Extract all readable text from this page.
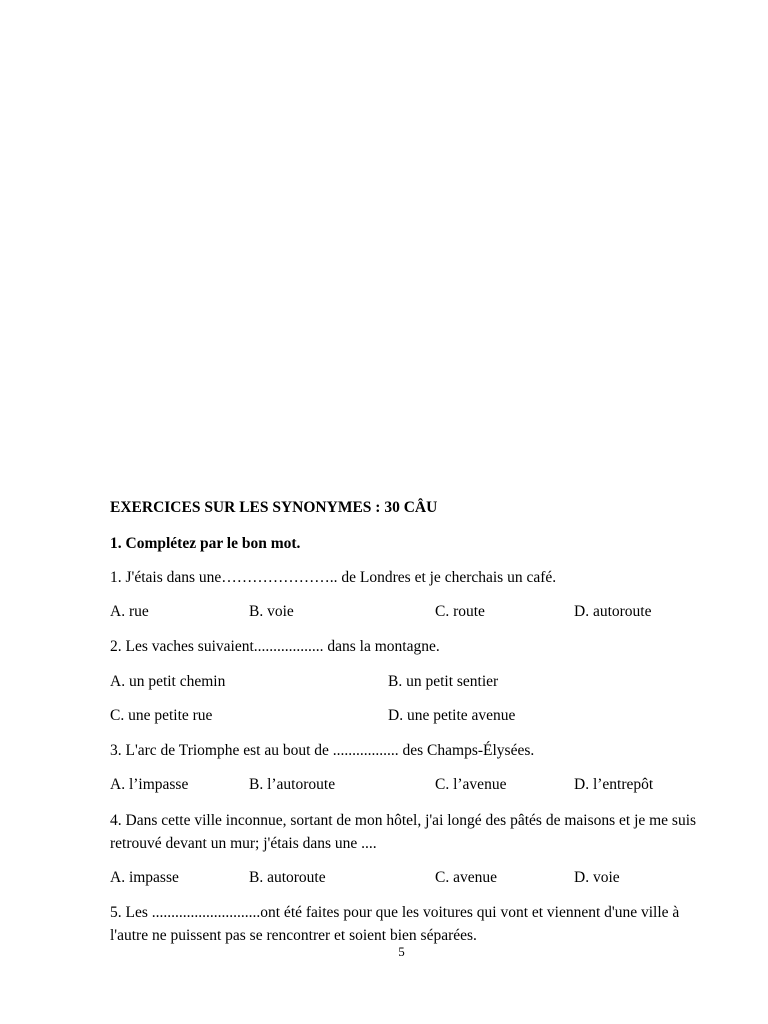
EXERCICES SUR LES SYNONYMES : 30 CÂU
1. Complétez par le bon mot.
1. J'étais dans une………………….. de Londres et je cherchais un café.
A. rue	B. voie	C. route	D. autoroute
2. Les vaches suivaient.................. dans la montagne.
A. un petit chemin	B. un petit sentier
C. une petite rue	D. une petite avenue
3. L'arc de Triomphe est au bout de ................. des Champs-Élysées.
A. l’impasse	B. l’autoroute	C. l’avenue	D. l’entrepôt
4. Dans cette ville inconnue, sortant de mon hôtel, j'ai longé des pâtés de maisons et je me suis retrouvé devant un mur; j'étais dans une ....
A. impasse	B. autoroute	C. avenue	D. voie
5. Les ............................ont été faites pour que les voitures qui vont et viennent d'une ville à l'autre ne puissent pas se rencontrer et soient bien séparées.
5
